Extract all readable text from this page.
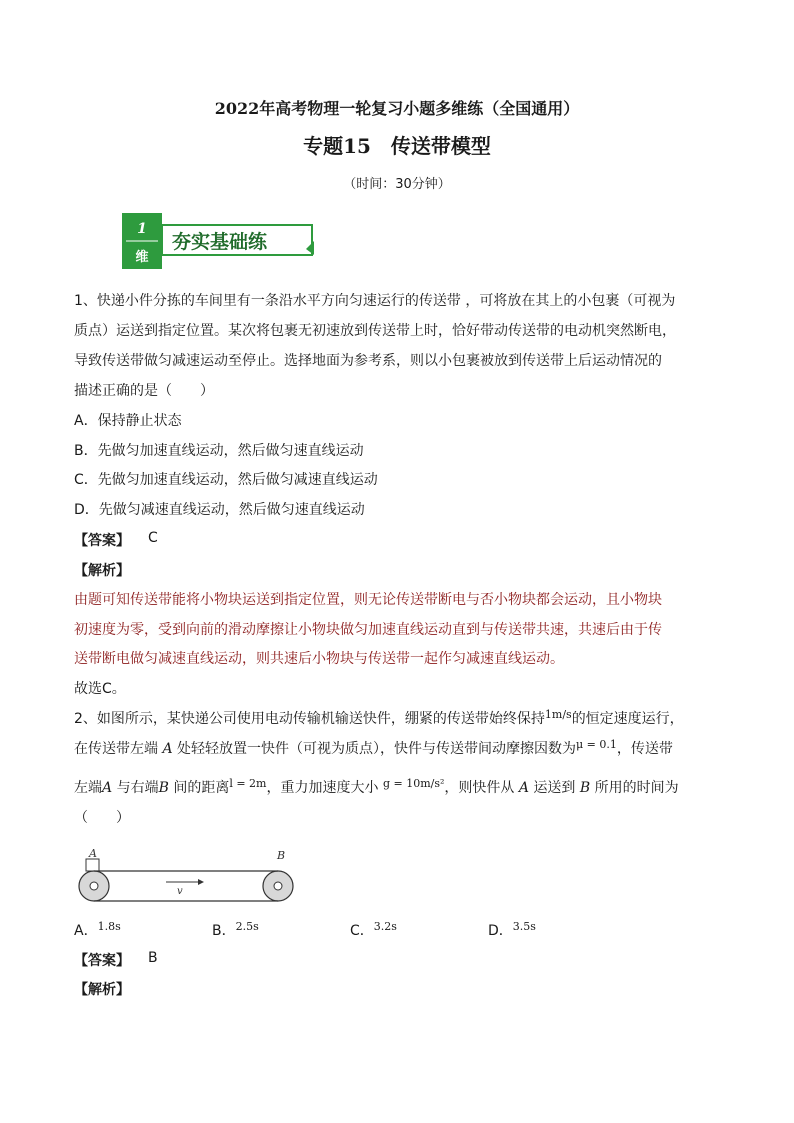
2022年高考物理一轮复习小题多维练（全国通用）
专题15　传送带模型
（时间：30分钟）
1
维
夯实基础练
1、快递小件分拣的车间里有一条沿水平方向匀速运行的传送带 ，可将放在其上的小包裹（可视为
质点）运送到指定位置。某次将包裹无初速放到传送带上时，恰好带动传送带的电动机突然断电，
导致传送带做匀减速运动至停止。选择地面为参考系，则以小包裹被放到传送带上后运动情况的
描述正确的是（　　）
A．保持静止状态
B．先做匀加速直线运动，然后做匀速直线运动
C．先做匀加速直线运动，然后做匀减速直线运动
D．先做匀减速直线运动，然后做匀速直线运动
【答案】 C
【解析】
由题可知传送带能将小物块运送到指定位置，则无论传送带断电与否小物块都会运动，且小物块
初速度为零，受到向前的滑动摩擦让小物块做匀加速直线运动直到与传送带共速，共速后由于传
送带断电做匀减速直线运动，则共速后小物块与传送带一起作匀减速直线运动。
故选C。
2、如图所示，某快递公司使用电动传输机输送快件，绷紧的传送带始终保持$^{1m/s}$的恒定速度运行，
在传送带左端 A 处轻轻放置一快件（可视为质点），快件与传送带间动摩擦因数为$^{\mu = 0.1}$，传送带
左端A 与右端B 间的距离$^{l = 2m}$，重力加速度大小 $^{g = 10m/s^2}$，则快件从 A 运送到 B 所用的时间为
（　　）
A	B
v
A．$^{1.8s}$	B．$^{2.5s}$	C．$^{3.2s}$	D．$^{3.5s}$
【答案】 B
【解析】
